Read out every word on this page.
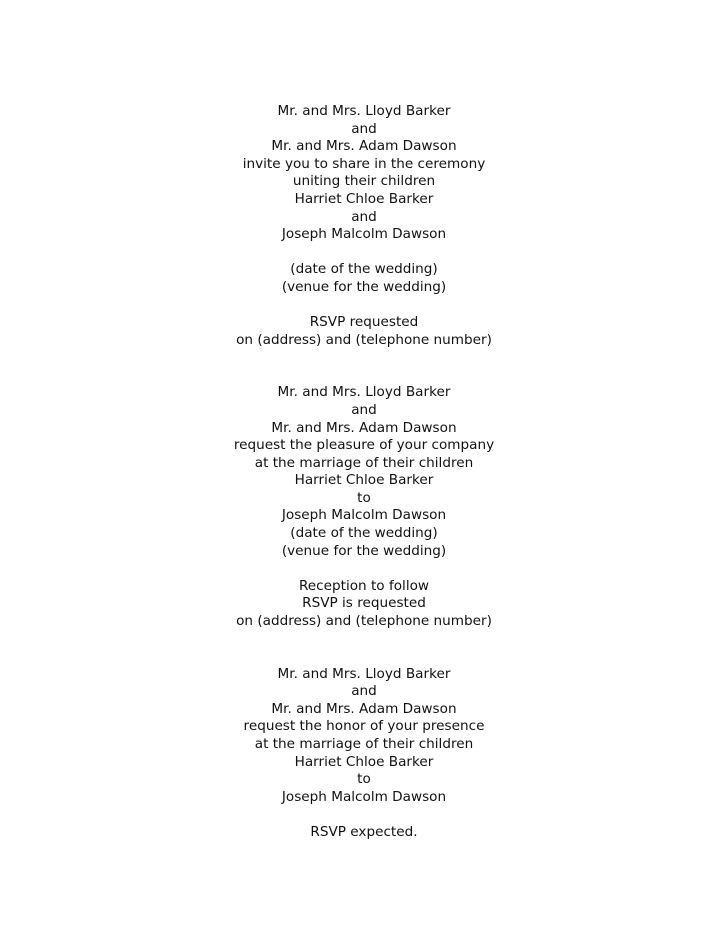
Mr. and Mrs. Lloyd Barker
and
Mr. and Mrs. Adam Dawson
invite you to share in the ceremony
uniting their children
Harriet Chloe Barker
and
Joseph Malcolm Dawson
(date of the wedding)
(venue for the wedding)
RSVP requested
on (address) and (telephone number)
Mr. and Mrs. Lloyd Barker
and
Mr. and Mrs. Adam Dawson
request the pleasure of your company
at the marriage of their children
Harriet Chloe Barker
to
Joseph Malcolm Dawson
(date of the wedding)
(venue for the wedding)
Reception to follow
RSVP is requested
on (address) and (telephone number)
Mr. and Mrs. Lloyd Barker
and
Mr. and Mrs. Adam Dawson
request the honor of your presence
at the marriage of their children
Harriet Chloe Barker
to
Joseph Malcolm Dawson
RSVP expected.
